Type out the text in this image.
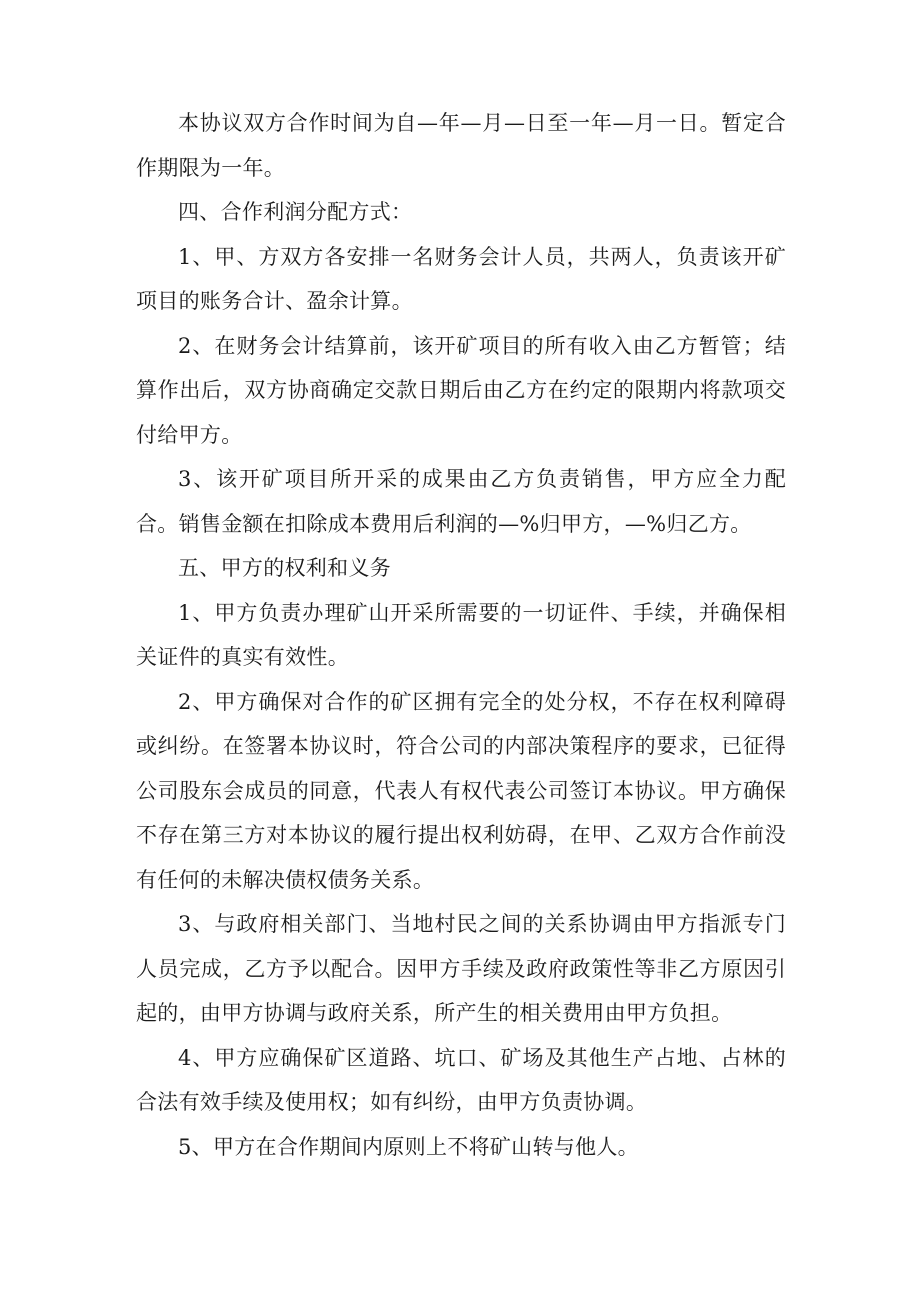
本协议双方合作时间为自—年—月—日至一年—月一日。暂定合作期限为一年。

四、合作利润分配方式：

1、甲、方双方各安排一名财务会计人员，共两人，负责该开矿项目的账务合计、盈余计算。

2、在财务会计结算前，该开矿项目的所有收入由乙方暂管；结算作出后，双方协商确定交款日期后由乙方在约定的限期内将款项交付给甲方。

3、该开矿项目所开采的成果由乙方负责销售，甲方应全力配合。销售金额在扣除成本费用后利润的—%归甲方，—%归乙方。

五、甲方的权利和义务

1、甲方负责办理矿山开采所需要的一切证件、手续，并确保相关证件的真实有效性。

2、甲方确保对合作的矿区拥有完全的处分权，不存在权利障碍或纠纷。在签署本协议时，符合公司的内部决策程序的要求，已征得公司股东会成员的同意，代表人有权代表公司签订本协议。甲方确保不存在第三方对本协议的履行提出权利妨碍，在甲、乙双方合作前没有任何的未解决债权债务关系。

3、与政府相关部门、当地村民之间的关系协调由甲方指派专门人员完成，乙方予以配合。因甲方手续及政府政策性等非乙方原因引起的，由甲方协调与政府关系，所产生的相关费用由甲方负担。

4、甲方应确保矿区道路、坑口、矿场及其他生产占地、占林的合法有效手续及使用权；如有纠纷，由甲方负责协调。

5、甲方在合作期间内原则上不将矿山转与他人。
